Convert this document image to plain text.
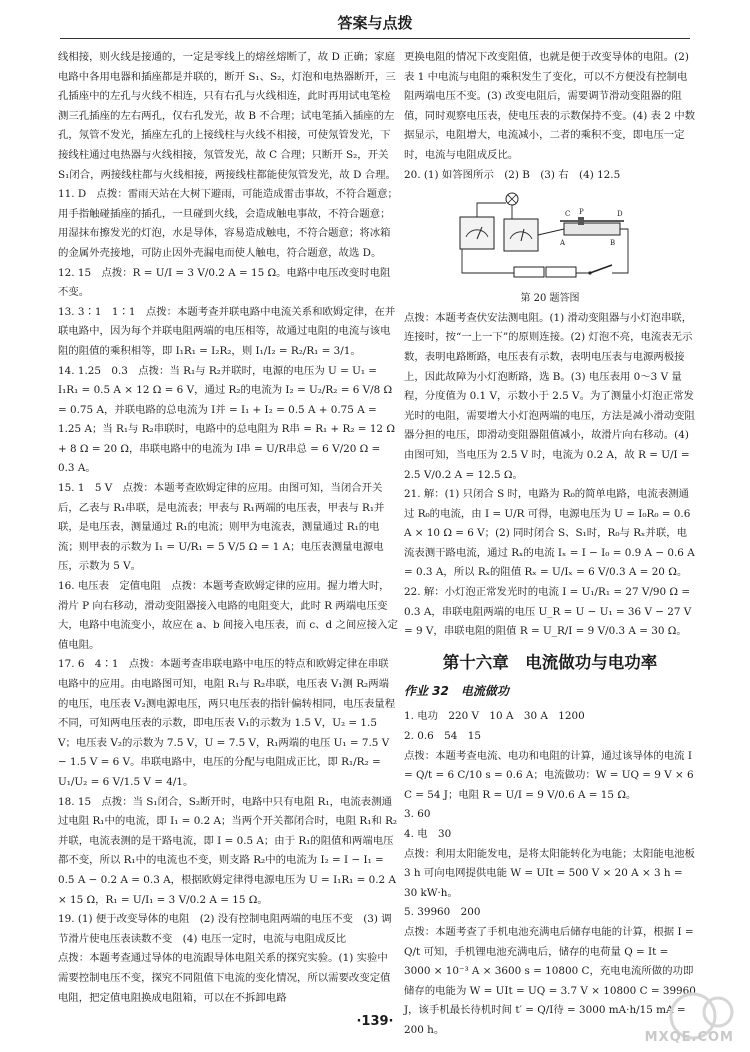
答案与点拨

线相接，则火线是接通的，一定是零线上的熔丝熔断了，故 D 正确；家庭电路中各用电器和插座都是并联的，断开 S₁、S₂，灯泡和电热器断开，三孔插座中的左孔与火线不相连，只有右孔与火线相连，此时再用试电笔检测三孔插座的左右两孔，仅右孔发光，故 B 不合理；试电笔插入插座的左孔，氖管不发光，插座左孔的上接线柱与火线不相接，可使氖管发光，下接线柱通过电热器与火线相接，氖管发光，故 C 合理；只断开 S₂，开关 S₁闭合，两接线柱都与火线相接，两接线柱都能使氖管发光，故 D 合理。

11. D　点拨：雷雨天站在大树下避雨，可能造成雷击事故，不符合题意；用手指触碰插座的插孔，一旦碰到火线，会造成触电事故，不符合题意；用湿抹布擦发光的灯泡，水是导体，容易造成触电，不符合题意；将冰箱的金属外壳接地，可防止因外壳漏电而使人触电，符合题意，故选 D。

12. 15　点拨：R = U/I = 3 V/0.2 A = 15 Ω。电路中电压改变时电阻不变。

13. 3∶1　1∶1　点拨：本题考查并联电路中电流关系和欧姆定律，在并联电路中，因为每个并联电阻两端的电压相等，故通过电阻的电流与该电阻的阻值的乘积相等，即 I₁R₁ = I₂R₂，则 I₁/I₂ = R₂/R₁ = 3/1。

14. 1.25　0.3　点拨：当 R₁与 R₂并联时，电源的电压为 U = U₁ = I₁R₁ = 0.5 A × 12 Ω = 6 V，通过 R₂的电流为 I₂ = U₂/R₂ = 6 V/8 Ω = 0.75 A，并联电路的总电流为 I并 = I₁ + I₂ = 0.5 A + 0.75 A = 1.25 A；当 R₁与 R₂串联时，电路中的总电阻为 R串 = R₁ + R₂ = 12 Ω + 8 Ω = 20 Ω，串联电路中的电流为 I串 = U/R串总 = 6 V/20 Ω = 0.3 A。

15. 1　5 V　点拨：本题考查欧姆定律的应用。由图可知，当闭合开关后，乙表与 R₁串联，是电流表；甲表与 R₁两端的电压表，甲表与 R₁并联，是电压表，测量通过 R₁的电流；则甲为电流表，测量通过 R₁的电流；则甲表的示数为 I₁ = U/R₁ = 5 V/5 Ω = 1 A；电压表测量电源电压，示数为 5 V。

16. 电压表　定值电阻　点拨：本题考查欧姆定律的应用。握力增大时，滑片 P 向右移动，滑动变阻器接入电路的电阻变大，此时 R 两端电压变大，电路中电流变小，故应在 a、b 间接入电压表，而 c、d 之间应接入定值电阻。

17. 6　4∶1　点拨：本题考查串联电路中电压的特点和欧姆定律在串联电路中的应用。由电路图可知，电阻 R₁与 R₂串联，电压表 V₁测 R₂两端的电压，电压表 V₂测电源电压，两只电压表的指针偏转相同，电压表量程不同，可知两电压表的示数，即电压表 V₁的示数为 1.5 V，U₂ = 1.5 V；电压表 V₂的示数为 7.5 V，U = 7.5 V，R₁两端的电压 U₁ = 7.5 V − 1.5 V = 6 V。串联电路中，电压的分配与电阻成正比，即 R₁/R₂ = U₁/U₂ = 6 V/1.5 V = 4/1。

18. 15　点拨：当 S₁闭合，S₂断开时，电路中只有电阻 R₁，电流表测通过电阻 R₁中的电流，即 I₁ = 0.2 A；当两个开关都闭合时，电阻 R₁和 R₂并联，电流表测的是干路电流，即 I = 0.5 A；由于 R₁的阻值和两端电压都不变，所以 R₁中的电流也不变，则支路 R₂中的电流为 I₂ = I − I₁ = 0.5 A − 0.2 A = 0.3 A，根据欧姆定律得电源电压为 U = I₁R₁ = 0.2 A × 15 Ω，R₁ = U/I₁ = 3 V/0.2 A = 15 Ω。

19. (1) 便于改变导体的电阻　(2) 没有控制电阻两端的电压不变　(3) 调节滑片使电压表读数不变　(4) 电压一定时，电流与电阻成反比

点拨：本题考查通过导体的电流跟导体电阻关系的探究实验。(1) 实验中需要控制电压不变，探究不同阻值下电流的变化情况，所以需要改变定值电阻，把定值电阻换成电阻箱，可以在不拆卸电路

更换电阻的情况下改变阻值，也就是便于改变导体的电阻。(2) 表 1 中电流与电阻的乘积发生了变化，可以不方便没有控制电阻两端电压不变。(3) 改变电阻后，需要调节滑动变阻器的阻值，同时观察电压表，使电压表的示数保持不变。(4) 表 2 中数据显示，电阻增大，电流减小，二者的乘积不变，即电压一定时，电流与电阻成反比。

20. (1) 如答图所示　(2) B　(3) 右　(4) 12.5

C P	D
A	B
第 20 题答图

点拨：本题考查伏安法测电阻。(1) 滑动变阻器与小灯泡串联，连接时，按“一上一下”的原则连接。(2) 灯泡不亮，电流表无示数，表明电路断路，电压表有示数，表明电压表与电源两极接上，因此故障为小灯泡断路，选 B。(3) 电压表用 0～3 V 量程，分度值为 0.1 V，示数小于 2.5 V。为了测量小灯泡正常发光时的电阻，需要增大小灯泡两端的电压，方法是减小滑动变阻器分担的电压，即滑动变阻器阻值减小，故滑片向右移动。(4) 由图可知，当电压为 2.5 V 时，电流为 0.2 A，故 R = U/I = 2.5 V/0.2 A = 12.5 Ω。

21. 解：(1) 只闭合 S 时，电路为 R₀的简单电路，电流表测通过 R₀的电流，由 I = U/R 可得，电源电压为 U = I₀R₀ = 0.6 A × 10 Ω = 6 V；(2) 同时闭合 S、S₁时，R₀与 Rₓ并联，电流表测干路电流，通过 Rₓ的电流 Iₓ = I − I₀ = 0.9 A − 0.6 A = 0.3 A，所以 Rₓ的阻值 Rₓ = U/Iₓ = 6 V/0.3 A = 20 Ω。

22. 解：小灯泡正常发光时的电流 I = U₁/R₁ = 27 V/90 Ω = 0.3 A，串联电阻两端的电压 U_R = U − U₁ = 36 V − 27 V = 9 V，串联电阻的阻值 R = U_R/I = 9 V/0.3 A = 30 Ω。

第十六章　电流做功与电功率
作业 32　电流做功

1. 电功　220 V　10 A　30 A　1200

2. 0.6　54　15

点拨：本题考查电流、电功和电阻的计算，通过该导体的电流 I = Q/t = 6 C/10 s = 0.6 A；电流做功：W = UQ = 9 V × 6 C = 54 J；电阻 R = U/I = 9 V/0.6 A = 15 Ω。

3. 60

4. 电　30

点拨：利用太阳能发电，是将太阳能转化为电能；太阳能电池板 3 h 可向电网提供电能 W = UIt = 500 V × 20 A × 3 h = 30 kW·h。

5. 39960　200

点拨：本题考查了手机电池充满电后储存电能的计算，根据 I = Q/t 可知，手机锂电池充满电后，储存的电荷量 Q = It = 3000 × 10⁻³ A × 3600 s = 10800 C，充电电流所做的功即储存的电能为 W = UIt = UQ = 3.7 V × 10800 C = 39960 J，该手机最长待机时间 t′ = Q/I待 = 3000 mA·h/15 mA = 200 h。

·139·
MXQE.COM
